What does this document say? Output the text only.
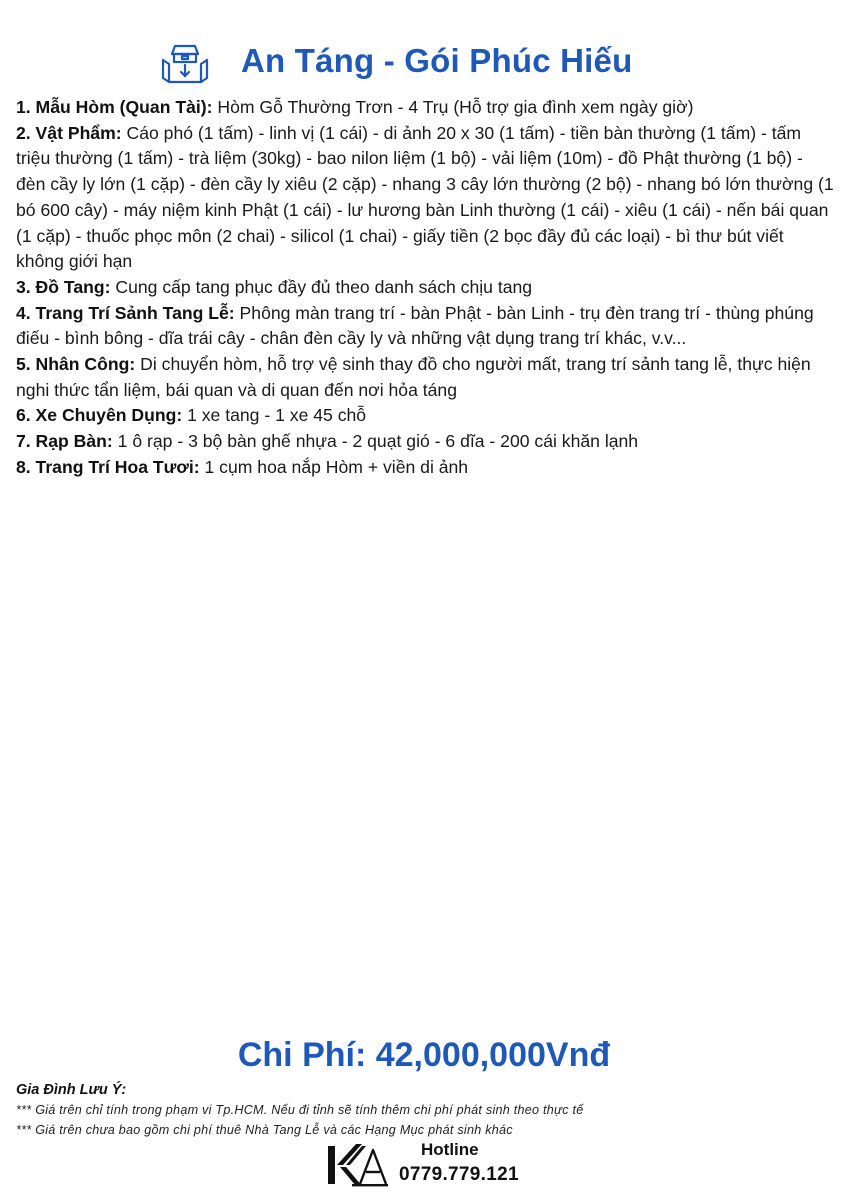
An Táng - Gói Phúc Hiếu

1. Mẫu Hòm (Quan Tài): Hòm Gỗ Thường Trơn - 4 Trụ (Hỗ trợ gia đình xem ngày giờ)

2. Vật Phẩm: Cáo phó (1 tấm) - linh vị (1 cái) - di ảnh 20 x 30 (1 tấm) - tiền bàn thường (1 tấm) - tấm triệu thường (1 tấm) - trà liệm (30kg) - bao nilon liệm (1 bộ) - vải liệm (10m) - đồ Phật thường (1 bộ) - đèn cầy ly lớn (1 cặp) - đèn cầy ly xiêu (2 cặp) - nhang 3 cây lớn thường (2 bộ) - nhang bó lớn thường (1 bó 600 cây) - máy niệm kinh Phật (1 cái) - lư hương bàn Linh thường (1 cái) - xiêu (1 cái) - nến bái quan (1 cặp) - thuốc phọc môn (2 chai) - silicol (1 chai) - giấy tiền (2 bọc đầy đủ các loại) - bì thư bút viết không giới hạn

3. Đồ Tang: Cung cấp tang phục đầy đủ theo danh sách chịu tang

4. Trang Trí Sảnh Tang Lễ: Phông màn trang trí - bàn Phật - bàn Linh - trụ đèn trang trí - thùng phúng điếu - bình bông - dĩa trái cây - chân đèn cầy ly và những vật dụng trang trí khác, v.v...

5. Nhân Công: Di chuyển hòm, hỗ trợ vệ sinh thay đồ cho người mất, trang trí sảnh tang lễ, thực hiện nghi thức tẩn liệm, bái quan và di quan đến nơi hỏa táng

6. Xe Chuyên Dụng: 1 xe tang - 1 xe 45 chỗ

7. Rạp Bàn: 1 ô rạp - 3 bộ bàn ghế nhựa - 2 quạt gió - 6 dĩa - 200 cái khăn lạnh

8. Trang Trí Hoa Tươi: 1 cụm hoa nắp Hòm + viền di ảnh

Chi Phí: 42,000,000Vnđ
Gia Đình Lưu Ý:
*** Giá trên chỉ tính trong phạm vi Tp.HCM. Nếu đi tỉnh sẽ tính thêm chi phí phát sinh theo thực tế
*** Giá trên chưa bao gồm chi phí thuê Nhà Tang Lễ và các Hạng Mục phát sinh khác
Hotline
0779.779.121
